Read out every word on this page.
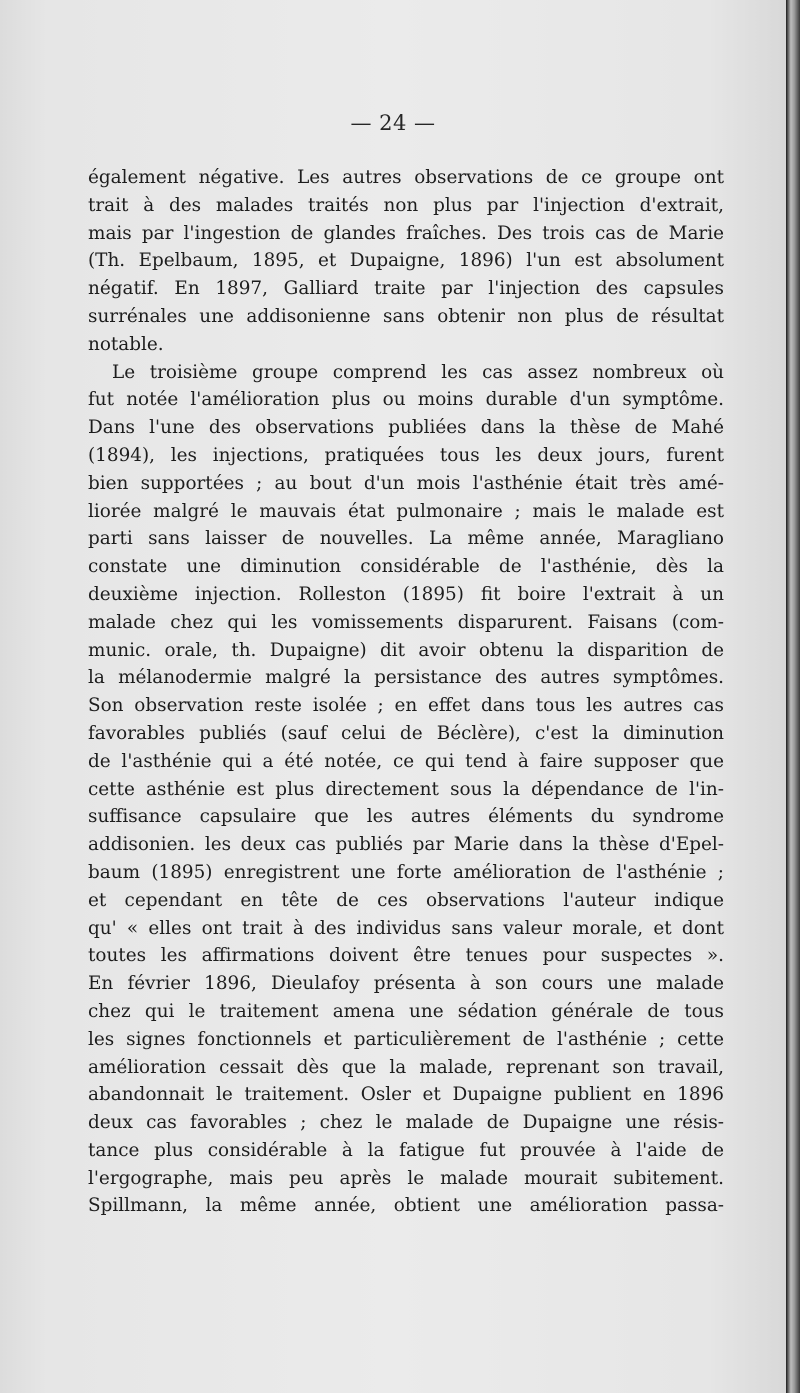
— 24 —
également négative. Les autres observations de ce groupe ont
trait à des malades traités non plus par l'injection d'extrait,
mais par l'ingestion de glandes fraîches. Des trois cas de Marie
(Th. Epelbaum, 1895, et Dupaigne, 1896) l'un est absolument
négatif. En 1897, Galliard traite par l'injection des capsules
surrénales une addisonienne sans obtenir non plus de résultat
notable.
Le troisième groupe comprend les cas assez nombreux où
fut notée l'amélioration plus ou moins durable d'un symptôme.
Dans l'une des observations publiées dans la thèse de Mahé
(1894), les injections, pratiquées tous les deux jours, furent
bien supportées ; au bout d'un mois l'asthénie était très amé-
liorée malgré le mauvais état pulmonaire ; mais le malade est
parti sans laisser de nouvelles. La même année, Maragliano
constate une diminution considérable de l'asthénie, dès la
deuxième injection. Rolleston (1895) fit boire l'extrait à un
malade chez qui les vomissements disparurent. Faisans (com-
munic. orale, th. Dupaigne) dit avoir obtenu la disparition de
la mélanodermie malgré la persistance des autres symptômes.
Son observation reste isolée ; en effet dans tous les autres cas
favorables publiés (sauf celui de Béclère), c'est la diminution
de l'asthénie qui a été notée, ce qui tend à faire supposer que
cette asthénie est plus directement sous la dépendance de l'in-
suffisance capsulaire que les autres éléments du syndrome
addisonien. les deux cas publiés par Marie dans la thèse d'Epel-
baum (1895) enregistrent une forte amélioration de l'asthénie ;
et cependant en tête de ces observations l'auteur indique
qu' « elles ont trait à des individus sans valeur morale, et dont
toutes les affirmations doivent être tenues pour suspectes ».
En février 1896, Dieulafoy présenta à son cours une malade
chez qui le traitement amena une sédation générale de tous
les signes fonctionnels et particulièrement de l'asthénie ; cette
amélioration cessait dès que la malade, reprenant son travail,
abandonnait le traitement. Osler et Dupaigne publient en 1896
deux cas favorables ; chez le malade de Dupaigne une résis-
tance plus considérable à la fatigue fut prouvée à l'aide de
l'ergographe, mais peu après le malade mourait subitement.
Spillmann, la même année, obtient une amélioration passa-
